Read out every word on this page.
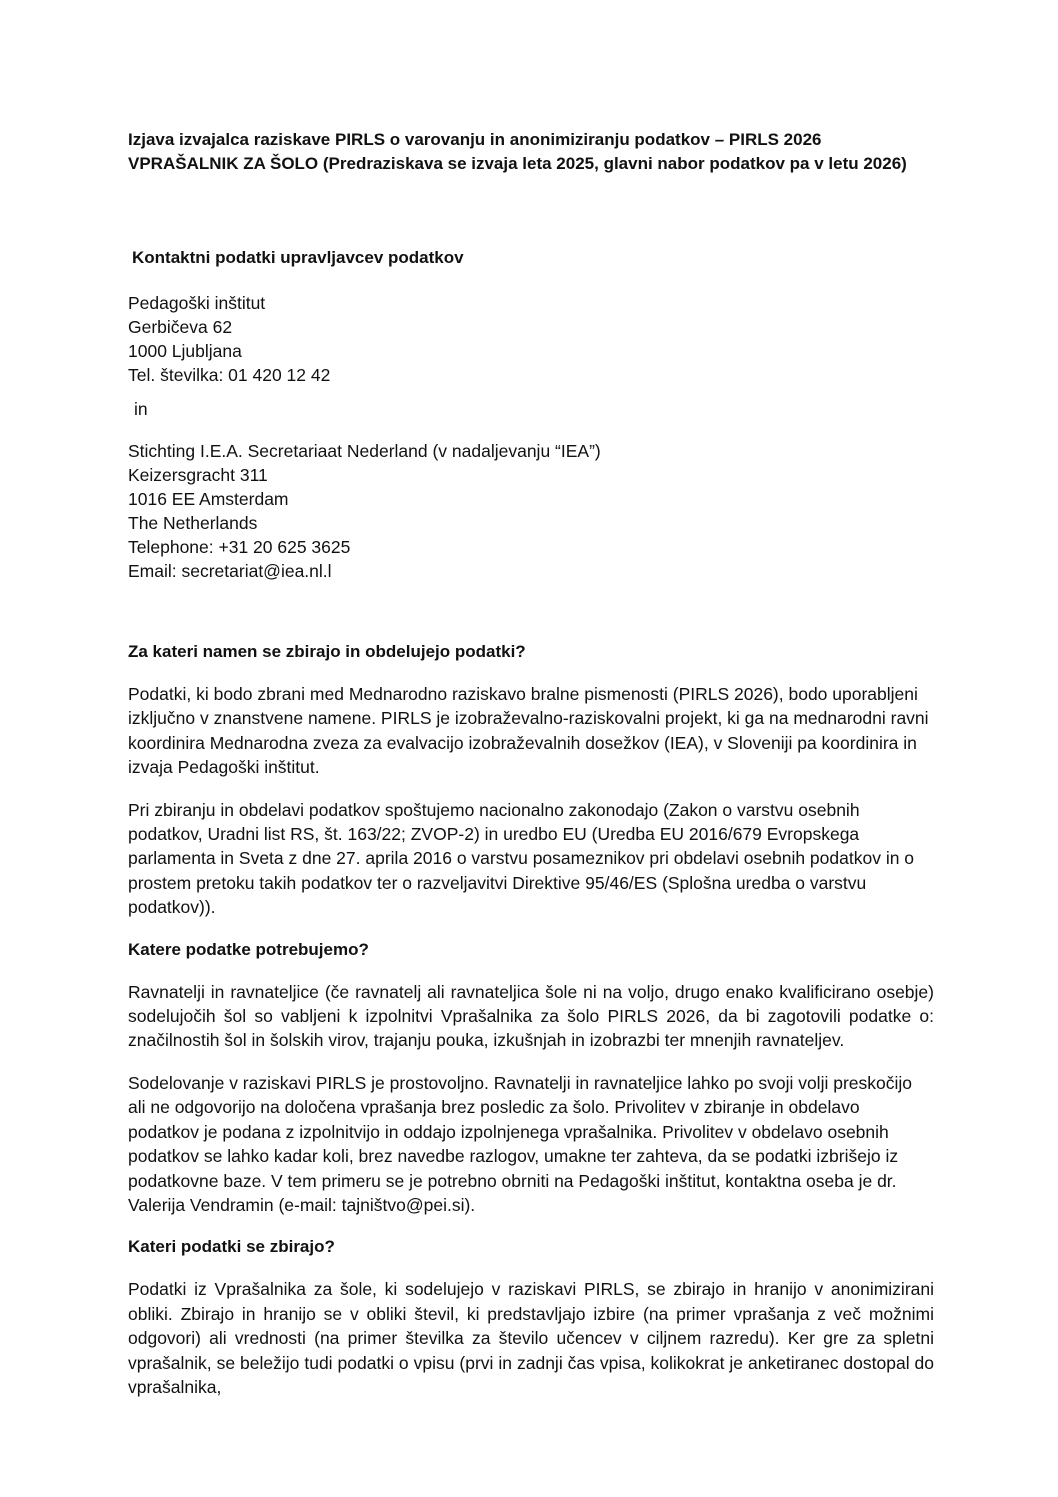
Izjava izvajalca raziskave PIRLS o varovanju in anonimiziranju podatkov – PIRLS 2026 VPRAŠALNIK ZA ŠOLO (Predraziskava se izvaja leta 2025, glavni nabor podatkov pa v letu 2026)

Kontaktni podatki upravljavcev podatkov

Pedagoški inštitut
Gerbičeva 62
1000 Ljubljana
Tel. številka: 01 420 12 42
in
Stichting I.E.A. Secretariaat Nederland (v nadaljevanju “IEA”)
Keizersgracht 311
1016 EE Amsterdam
The Netherlands
Telephone: +31 20 625 3625
Email: secretariat@iea.nl.l

Za kateri namen se zbirajo in obdelujejo podatki?

Podatki, ki bodo zbrani med Mednarodno raziskavo bralne pismenosti (PIRLS 2026), bodo uporabljeni izključno v znanstvene namene. PIRLS je izobraževalno-raziskovalni projekt, ki ga na mednarodni ravni koordinira Mednarodna zveza za evalvacijo izobraževalnih dosežkov (IEA), v Sloveniji pa koordinira in izvaja Pedagoški inštitut.

Pri zbiranju in obdelavi podatkov spoštujemo nacionalno zakonodajo (Zakon o varstvu osebnih podatkov, Uradni list RS, št. 163/22; ZVOP-2) in uredbo EU (Uredba EU 2016/679 Evropskega parlamenta in Sveta z dne 27. aprila 2016 o varstvu posameznikov pri obdelavi osebnih podatkov in o prostem pretoku takih podatkov ter o razveljavitvi Direktive 95/46/ES (Splošna uredba o varstvu podatkov)).

Katere podatke potrebujemo?

Ravnatelji in ravnateljice (če ravnatelj ali ravnateljica šole ni na voljo, drugo enako kvalificirano osebje) sodelujočih šol so vabljeni k izpolnitvi Vprašalnika za šolo PIRLS 2026, da bi zagotovili podatke o: značilnostih šol in šolskih virov, trajanju pouka, izkušnjah in izobrazbi ter mnenjih ravnateljev.

Sodelovanje v raziskavi PIRLS je prostovoljno. Ravnatelji in ravnateljice lahko po svoji volji preskočijo ali ne odgovorijo na določena vprašanja brez posledic za šolo. Privolitev v zbiranje in obdelavo podatkov je podana z izpolnitvijo in oddajo izpolnjenega vprašalnika. Privolitev v obdelavo osebnih podatkov se lahko kadar koli, brez navedbe razlogov, umakne ter zahteva, da se podatki izbrišejo iz podatkovne baze. V tem primeru se je potrebno obrniti na Pedagoški inštitut, kontaktna oseba je dr. Valerija Vendramin (e-mail: tajništvo@pei.si).

Kateri podatki se zbirajo?

Podatki iz Vprašalnika za šole, ki sodelujejo v raziskavi PIRLS, se zbirajo in hranijo v anonimizirani obliki. Zbirajo in hranijo se v obliki števil, ki predstavljajo izbire (na primer vprašanja z več možnimi odgovori) ali vrednosti (na primer številka za število učencev v ciljnem razredu). Ker gre za spletni vprašalnik, se beležijo tudi podatki o vpisu (prvi in zadnji čas vpisa, kolikokrat je anketiranec dostopal do vprašalnika,
